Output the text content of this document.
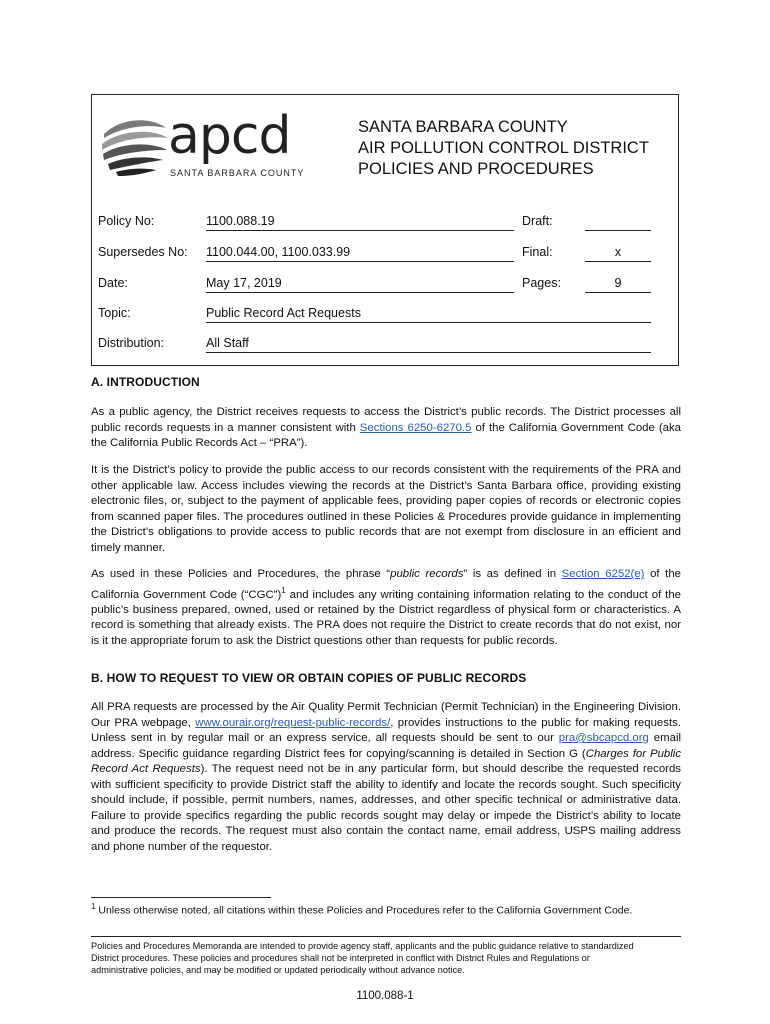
apcd
SANTA BARBARA COUNTY
SANTA BARBARA COUNTY
AIR POLLUTION CONTROL DISTRICT
POLICIES AND PROCEDURES
Policy No:	1100.088.19	Draft:
Supersedes No: 1100.044.00, 1100.033.99	Final:	x
Date:	May 17, 2019	Pages:	9
Topic:	Public Record Act Requests
Distribution:	All Staff
A. INTRODUCTION
As a public agency, the District receives requests to access the District’s public records. The District processes all public records requests in a manner consistent with Sections 6250-6270.5 of the California Government Code (aka the California Public Records Act – “PRA”).
It is the District’s policy to provide the public access to our records consistent with the requirements of the PRA and other applicable law. Access includes viewing the records at the District’s Santa Barbara office, providing existing electronic files, or, subject to the payment of applicable fees, providing paper copies of records or electronic copies from scanned paper files. The procedures outlined in these Policies & Procedures provide guidance in implementing the District’s obligations to provide access to public records that are not exempt from disclosure in an efficient and timely manner.
As used in these Policies and Procedures, the phrase “public records” is as defined in Section 6252(e) of the California Government Code (“CGC”)$^1$ and includes any writing containing information relating to the conduct of the public’s business prepared, owned, used or retained by the District regardless of physical form or characteristics. A record is something that already exists. The PRA does not require the District to create records that do not exist, nor is it the appropriate forum to ask the District questions other than requests for public records.
B. HOW TO REQUEST TO VIEW OR OBTAIN COPIES OF PUBLIC RECORDS
All PRA requests are processed by the Air Quality Permit Technician (Permit Technician) in the Engineering Division. Our PRA webpage, www.ourair.org/request-public-records/, provides instructions to the public for making requests. Unless sent in by regular mail or an express service, all requests should be sent to our pra@sbcapcd.org email address. Specific guidance regarding District fees for copying/scanning is detailed in Section G (Charges for Public Record Act Requests). The request need not be in any particular form, but should describe the requested records with sufficient specificity to provide District staff the ability to identify and locate the records sought. Such specificity should include, if possible, permit numbers, names, addresses, and other specific technical or administrative data. Failure to provide specifics regarding the public records sought may delay or impede the District’s ability to locate and produce the records. The request must also contain the contact name, email address, USPS mailing address and phone number of the requestor.
$^1$ Unless otherwise noted, all citations within these Policies and Procedures refer to the California Government Code.
Policies and Procedures Memoranda are intended to provide agency staff, applicants and the public guidance relative to standardized District procedures. These policies and procedures shall not be interpreted in conflict with District Rules and Regulations or administrative policies, and may be modified or updated periodically without advance notice.
1100.088-1
